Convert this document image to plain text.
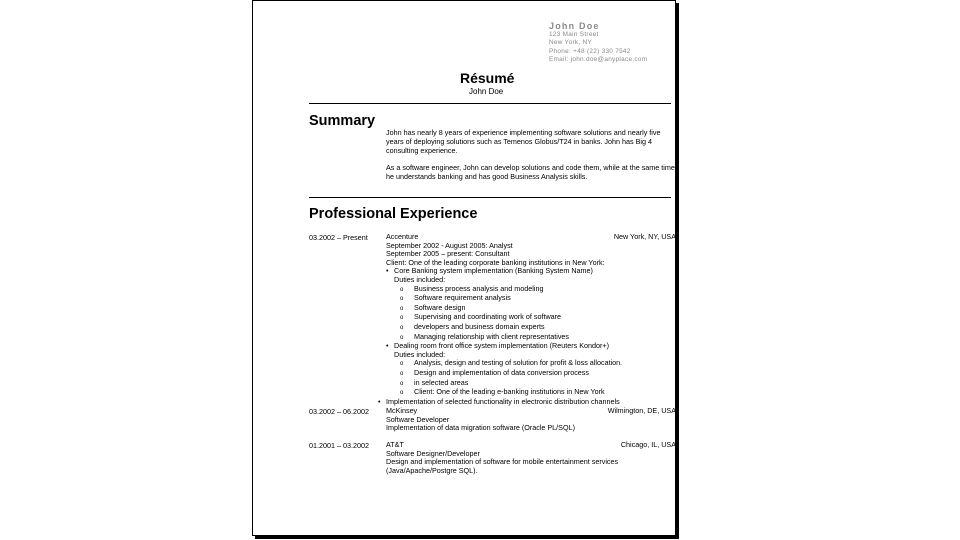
John Doe
123 Main Street
New York, NY
Phone: +48 (22) 330 7542
Email: john.doe@anyplace.com
Résumé
John Doe
Summary
John has nearly 8 years of experience implementing software solutions and nearly five years of deploying solutions such as Temenos Globus/T24 in banks. John has Big 4 consulting experience.
As a software engineer, John can develop solutions and code them, while at the same time, he understands banking and has good Business Analysis skills.
Professional Experience
03.2002 – Present	Accenture	New York, NY, USA
September 2002 - August 2005: Analyst
September 2005 – present: Consultant
Client: One of the leading corporate banking institutions in New York:
• Core Banking system implementation (Banking System Name)
Duties included:
o Business process analysis and modeling
o Software requirement analysis
o Software design
o Supervising and coordinating work of software
o developers and business domain experts
o Managing relationship with client representatives
• Dealing room front office system implementation (Reuters Kondor+)
Duties included:
o Analysis, design and testing of solution for profit & loss allocation.
o Design and implementation of data conversion process
o in selected areas
o Client: One of the leading e-banking institutions in New York
• Implementation of selected functionality in electronic distribution channels
03.2002 – 06.2002 McKinsey	Wilmington, DE, USA
Software Developer
Implementation of data migration software (Oracle PL/SQL)
01.2001 – 03.2002 AT&T	Chicago, IL, USA
Software Designer/Developer
Design and implementation of software for mobile entertainment services
(Java/Apache/Postgre SQL).
